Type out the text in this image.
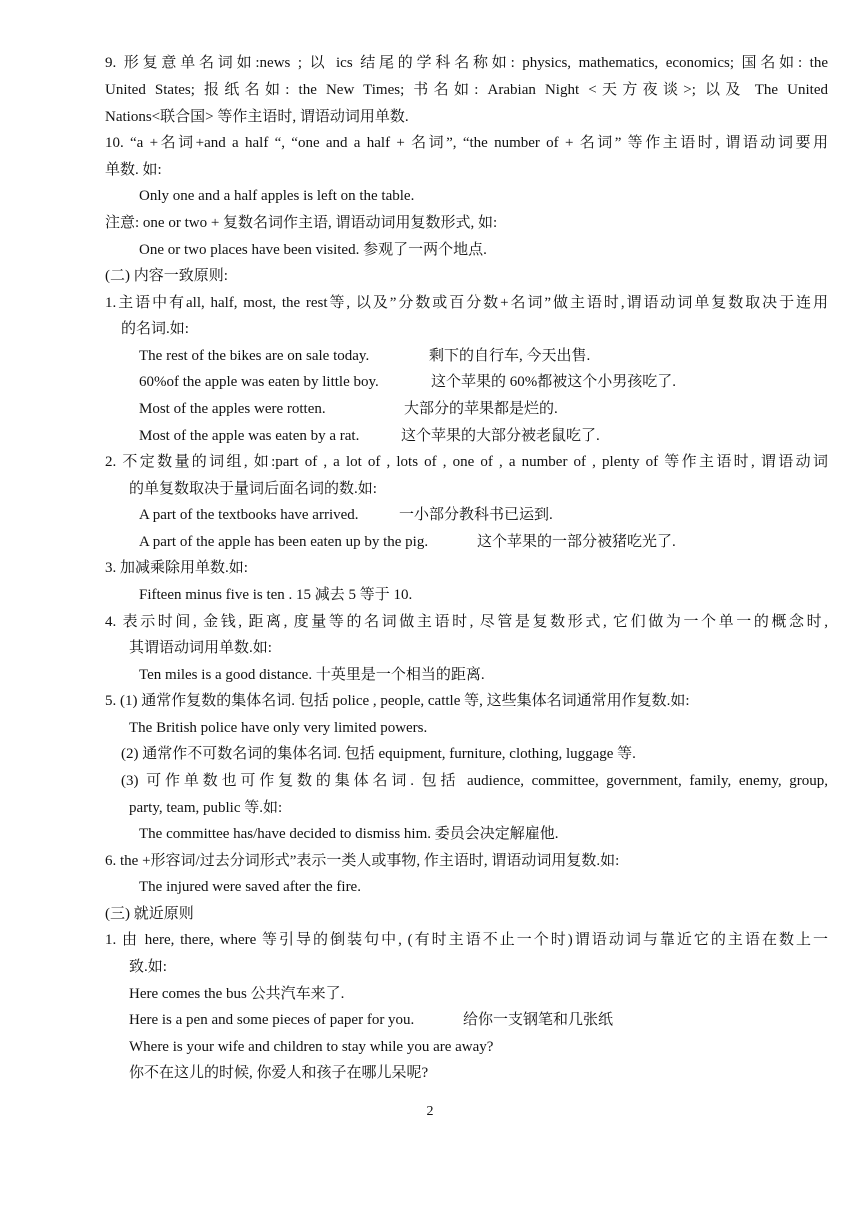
9. 形复意单名词如:news ; 以 ics 结尾的学科名称如: physics, mathematics, economics; 国名如: the
United States; 报纸名如: the New Times; 书名如: Arabian Night <天方夜谈>; 以及 The United
Nations<联合国> 等作主语时, 谓语动词用单数.
10. “a +名词+and a half “, “one and a half + 名词”, “the number of + 名词” 等作主语时, 谓语动词要用
单数. 如:
Only one and a half apples is left on the table.
注意: one or two + 复数名词作主语, 谓语动词用复数形式, 如:
One or two places have been visited. 参观了一两个地点.
(二) 内容一致原则:
1.主语中有all, half, most, the rest等, 以及”分数或百分数+名词”做主语时,谓语动词单复数取决于连用
的名词.如:
The rest of the bikes are on sale today.	剩下的自行车, 今天出售.
60%of the apple was eaten by little boy.	这个苹果的 60%都被这个小男孩吃了.
Most of the apples were rotten.	大部分的苹果都是烂的.
Most of the apple was eaten by a rat.	这个苹果的大部分被老鼠吃了.
2. 不定数量的词组, 如:part of , a lot of , lots of , one of , a number of , plenty of 等作主语时, 谓语动词
的单复数取决于量词后面名词的数.如:
A part of the textbooks have arrived.	一小部分教科书已运到.
A part of the apple has been eaten up by the pig.	这个苹果的一部分被猪吃光了.
3. 加减乘除用单数.如:
Fifteen minus five is ten . 15 减去 5 等于 10.
4. 表示时间, 金钱, 距离, 度量等的名词做主语时, 尽管是复数形式, 它们做为一个单一的概念时,
其谓语动词用单数.如:
Ten miles is a good distance. 十英里是一个相当的距离.
5. (1) 通常作复数的集体名词. 包括 police , people, cattle 等, 这些集体名词通常用作复数.如:
The British police have only very limited powers.
(2) 通常作不可数名词的集体名词. 包括 equipment, furniture, clothing, luggage 等.
(3) 可作单数也可作复数的集体名词. 包括 audience, committee, government, family, enemy, group,
party, team, public 等.如:
The committee has/have decided to dismiss him. 委员会决定解雇他.
6. the +形容词/过去分词形式”表示一类人或事物, 作主语时, 谓语动词用复数.如:
The injured were saved after the fire.
(三) 就近原则
1. 由 here, there, where 等引导的倒装句中, (有时主语不止一个时)谓语动词与靠近它的主语在数上一
致.如:
Here comes the bus 公共汽车来了.
Here is a pen and some pieces of paper for you.	给你一支钢笔和几张纸
Where is your wife and children to stay while you are away?
你不在这儿的时候, 你爱人和孩子在哪儿呆呢?
2
